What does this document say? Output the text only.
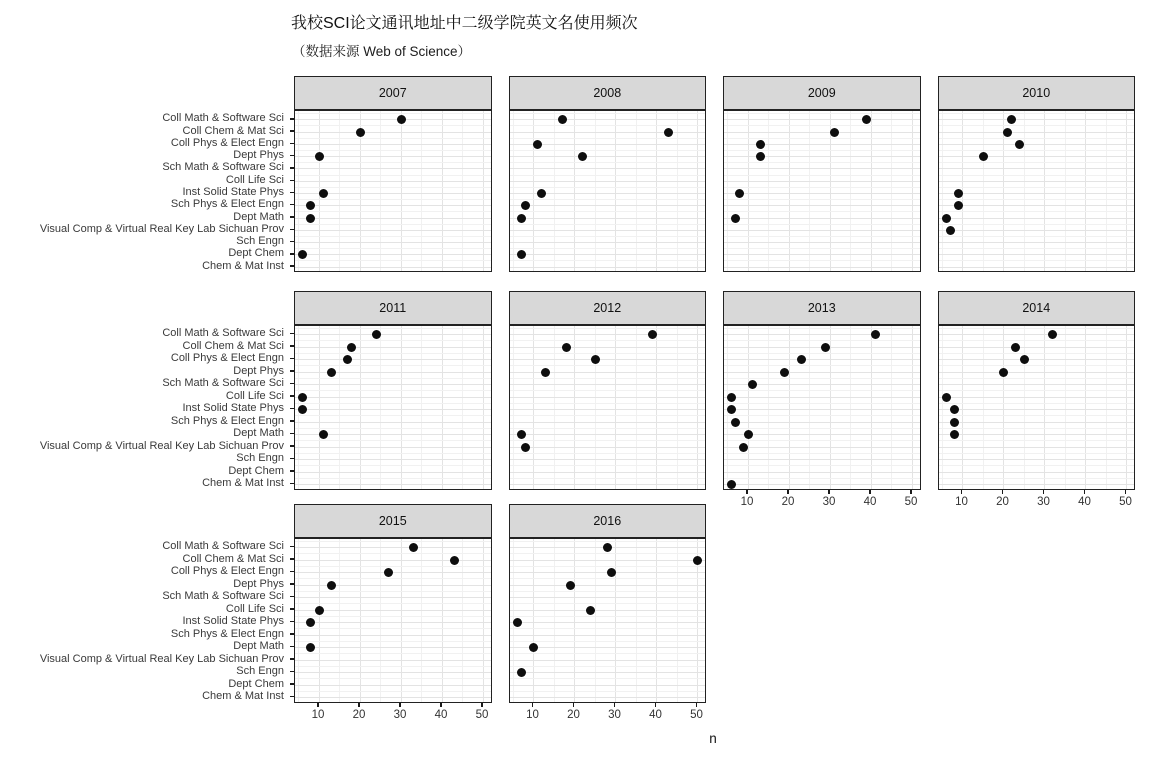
我校SCI论文通讯地址中二级学院英文名使用频次
（数据来源 Web of Science）
Coll Math & Software Sci
Coll Chem & Mat Sci
Coll Phys & Elect Engn
Dept Phys
Sch Math & Software Sci
Coll Life Sci
Inst Solid State Phys
Sch Phys & Elect Engn
Dept Math
Visual Comp & Virtual Real Key Lab Sichuan Prov
Sch Engn
Dept Chem
Chem & Mat Inst
Coll Math & Software Sci
Coll Chem & Mat Sci
Coll Phys & Elect Engn
Dept Phys
Sch Math & Software Sci
Coll Life Sci
Inst Solid State Phys
Sch Phys & Elect Engn
Dept Math
Visual Comp & Virtual Real Key Lab Sichuan Prov
Sch Engn
Dept Chem
Chem & Mat Inst
Coll Math & Software Sci
Coll Chem & Mat Sci
Coll Phys & Elect Engn
Dept Phys
Sch Math & Software Sci
Coll Life Sci
Inst Solid State Phys
Sch Phys & Elect Engn
Dept Math
Visual Comp & Virtual Real Key Lab Sichuan Prov
Sch Engn
Dept Chem
Chem & Mat Inst
2007	2008	2009	2010
2011	2012	2013
10	20	30	40	50
2014
10	20	30	40	50
2015
10	20	30	40	50
2016
10	20	30	40	50
n
